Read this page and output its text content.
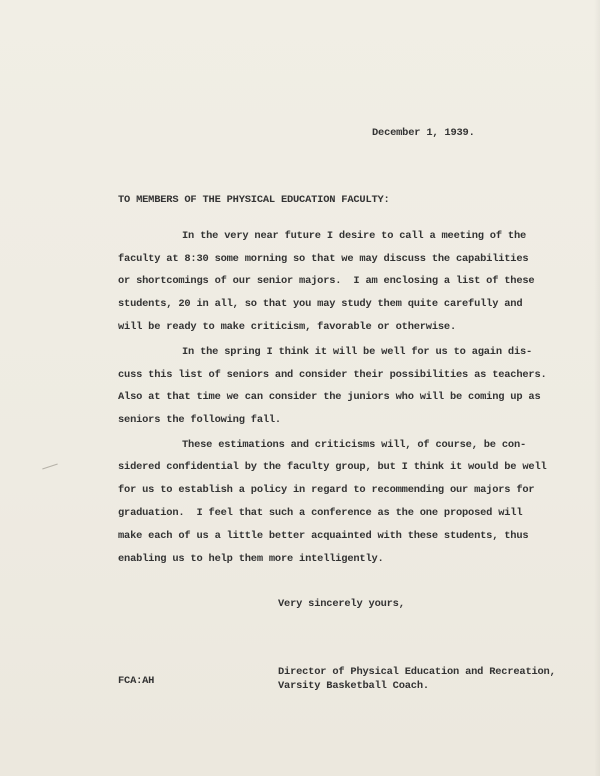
December 1, 1939.
TO MEMBERS OF THE PHYSICAL EDUCATION FACULTY:
In the very near future I desire to call a meeting of the
faculty at 8:30 some morning so that we may discuss the capabilities
or shortcomings of our senior majors.  I am enclosing a list of these
students, 20 in all, so that you may study them quite carefully and
will be ready to make criticism, favorable or otherwise.
In the spring I think it will be well for us to again dis-
cuss this list of seniors and consider their possibilities as teachers.
Also at that time we can consider the juniors who will be coming up as
seniors the following fall.
These estimations and criticisms will, of course, be con-
sidered confidential by the faculty group, but I think it would be well
for us to establish a policy in regard to recommending our majors for
graduation.  I feel that such a conference as the one proposed will
make each of us a little better acquainted with these students, thus
enabling us to help them more intelligently.
Very sincerely yours,
FCA:AH
Director of Physical Education and Recreation,
Varsity Basketball Coach.
